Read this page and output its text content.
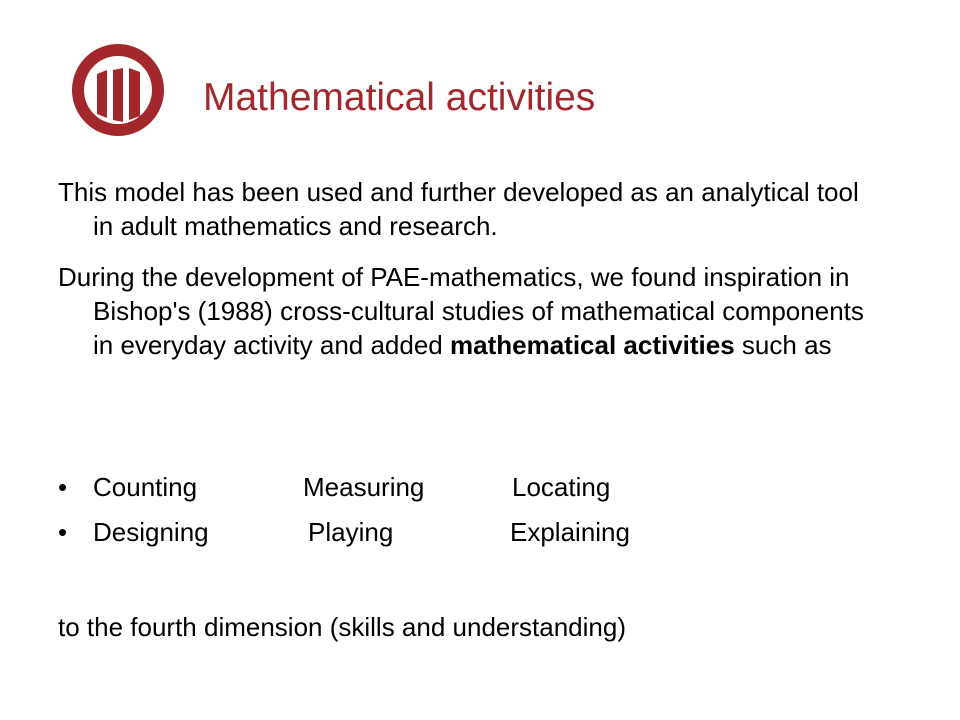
Mathematical activities
This model has been used and further developed as an analytical tool in adult mathematics and research.
During the development of PAE-mathematics, we found inspiration in Bishop's (1988) cross-cultural studies of mathematical components in everyday activity and added mathematical activities such as
• Counting	Measuring	Locating
• Designing	Playing	Explaining
to the fourth dimension (skills and understanding)
